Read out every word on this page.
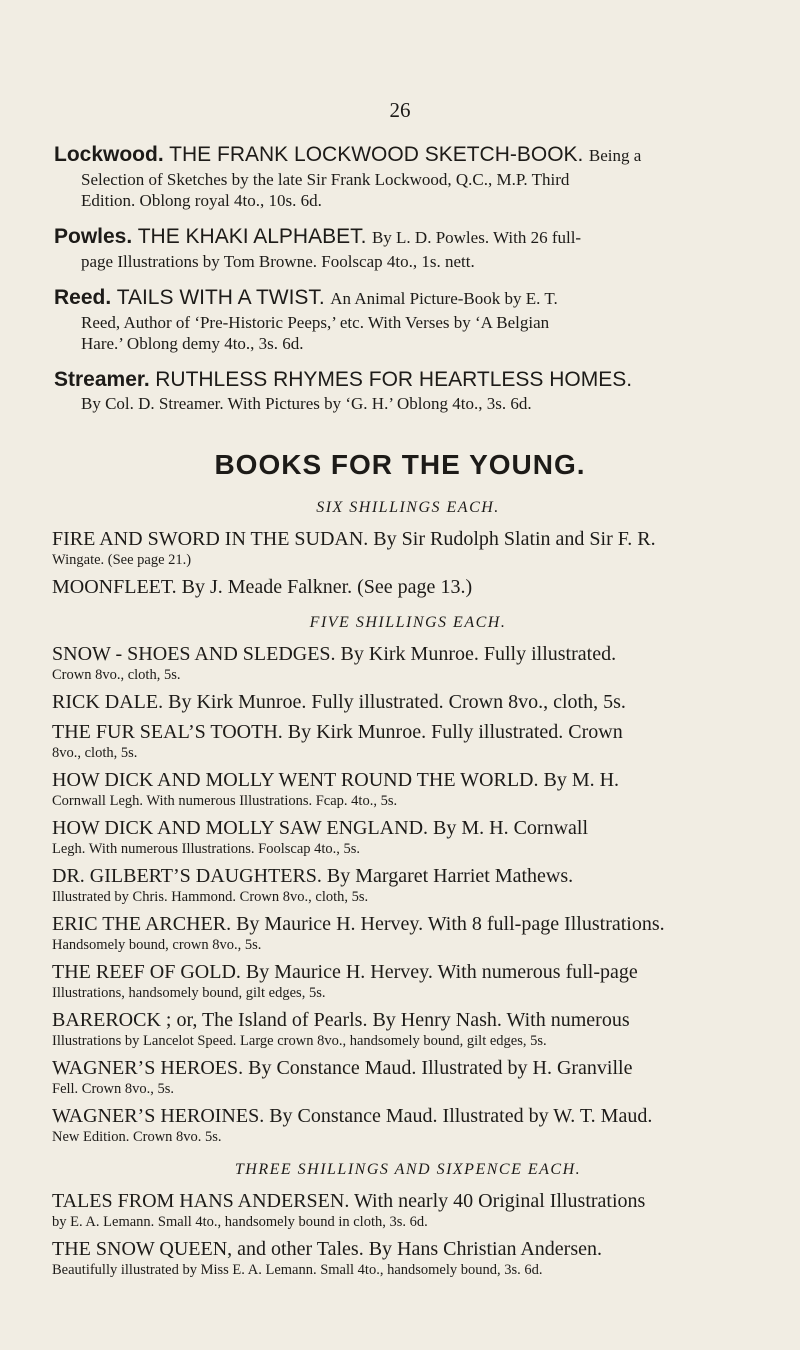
26
Lockwood. THE FRANK LOCKWOOD SKETCH-BOOK. Being a
Selection of Sketches by the late Sir Frank Lockwood, Q.C., M.P. Third
Edition. Oblong royal 4to., 10s. 6d.
Powles. THE KHAKI ALPHABET. By L. D. Powles. With 26 full-
page Illustrations by Tom Browne. Foolscap 4to., 1s. nett.
Reed. TAILS WITH A TWIST. An Animal Picture-Book by E. T.
Reed, Author of ‘Pre-Historic Peeps,’ etc. With Verses by ‘A Belgian
Hare.’ Oblong demy 4to., 3s. 6d.
Streamer. RUTHLESS RHYMES FOR HEARTLESS HOMES.
By Col. D. Streamer. With Pictures by ‘G. H.’ Oblong 4to., 3s. 6d.
BOOKS FOR THE YOUNG.
SIX SHILLINGS EACH.
FIRE AND SWORD IN THE SUDAN. By Sir Rudolph Slatin and Sir F. R.
Wingate. (See page 21.)
MOONFLEET. By J. Meade Falkner. (See page 13.)
FIVE SHILLINGS EACH.
SNOW - SHOES AND SLEDGES. By Kirk Munroe. Fully illustrated.
Crown 8vo., cloth, 5s.
RICK DALE. By Kirk Munroe. Fully illustrated. Crown 8vo., cloth, 5s.
THE FUR SEAL’S TOOTH. By Kirk Munroe. Fully illustrated. Crown
8vo., cloth, 5s.
HOW DICK AND MOLLY WENT ROUND THE WORLD. By M. H.
Cornwall Legh. With numerous Illustrations. Fcap. 4to., 5s.
HOW DICK AND MOLLY SAW ENGLAND. By M. H. Cornwall
Legh. With numerous Illustrations. Foolscap 4to., 5s.
DR. GILBERT’S DAUGHTERS. By Margaret Harriet Mathews.
Illustrated by Chris. Hammond. Crown 8vo., cloth, 5s.
ERIC THE ARCHER. By Maurice H. Hervey. With 8 full-page Illustrations.
Handsomely bound, crown 8vo., 5s.
THE REEF OF GOLD. By Maurice H. Hervey. With numerous full-page
Illustrations, handsomely bound, gilt edges, 5s.
BAREROCK ; or, The Island of Pearls. By Henry Nash. With numerous
Illustrations by Lancelot Speed. Large crown 8vo., handsomely bound, gilt edges, 5s.
WAGNER’S HEROES. By Constance Maud. Illustrated by H. Granville
Fell. Crown 8vo., 5s.
WAGNER’S HEROINES. By Constance Maud. Illustrated by W. T. Maud.
New Edition. Crown 8vo. 5s.
THREE SHILLINGS AND SIXPENCE EACH.
TALES FROM HANS ANDERSEN. With nearly 40 Original Illustrations
by E. A. Lemann. Small 4to., handsomely bound in cloth, 3s. 6d.
THE SNOW QUEEN, and other Tales. By Hans Christian Andersen.
Beautifully illustrated by Miss E. A. Lemann. Small 4to., handsomely bound, 3s. 6d.
